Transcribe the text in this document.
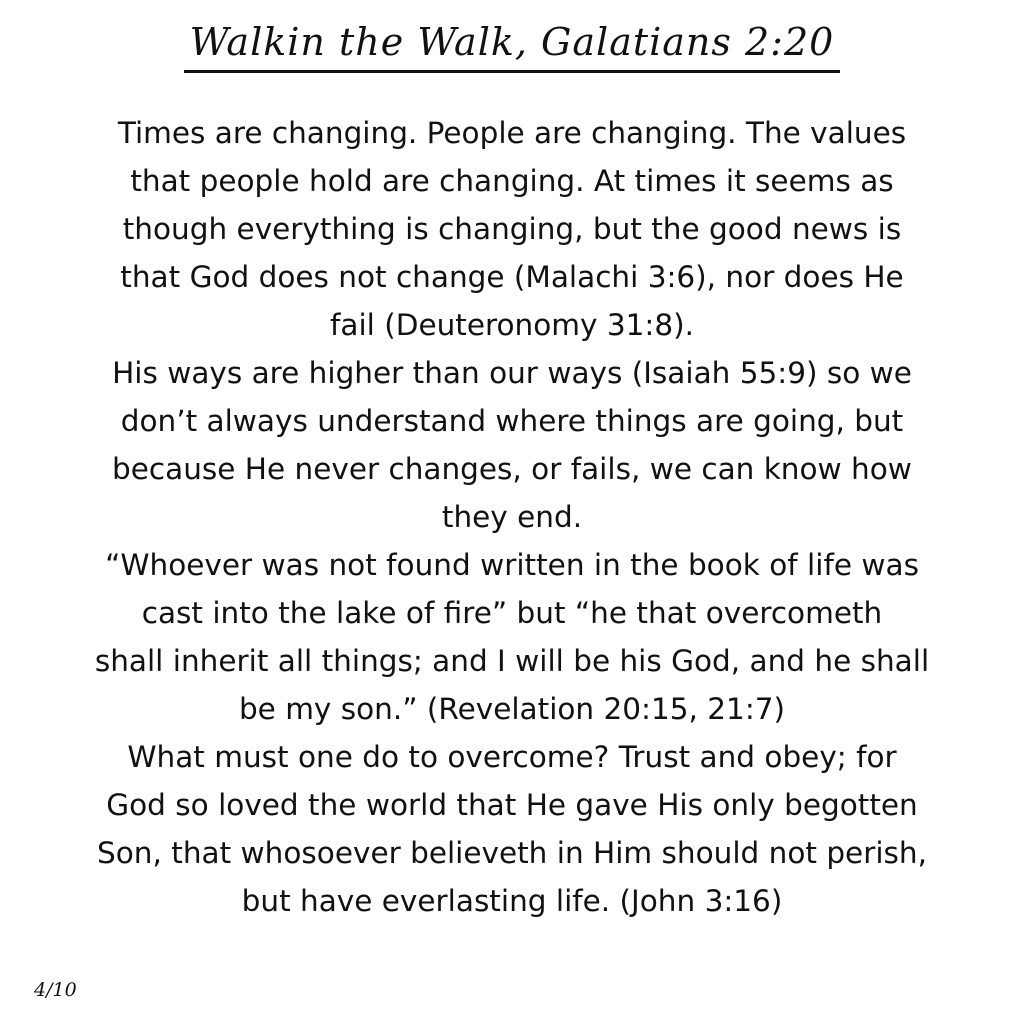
Walkin the Walk, Galatians 2:20
Times are changing. People are changing. The values
that people hold are changing. At times it seems as
though everything is changing, but the good news is
that God does not change (Malachi 3:6), nor does He
fail (Deuteronomy 31:8).
His ways are higher than our ways (Isaiah 55:9) so we
don’t always understand where things are going, but
because He never changes, or fails, we can know how
they end.
“Whoever was not found written in the book of life was
cast into the lake of fire” but “he that overcometh
shall inherit all things; and I will be his God, and he shall
be my son.” (Revelation 20:15, 21:7)
What must one do to overcome? Trust and obey; for
God so loved the world that He gave His only begotten
Son, that whosoever believeth in Him should not perish,
but have everlasting life. (John 3:16)
4/10
